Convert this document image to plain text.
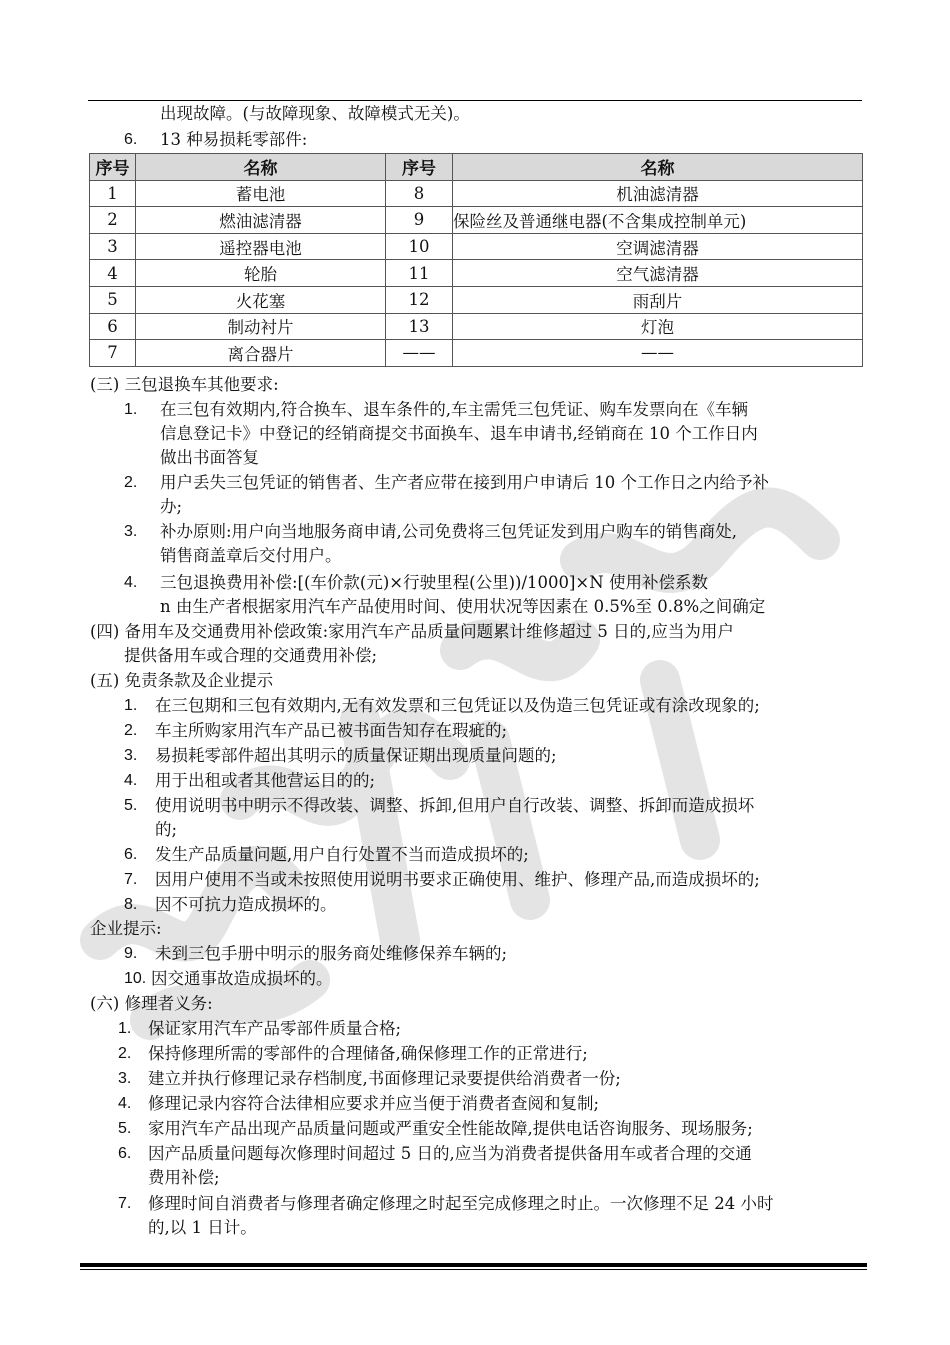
出现故障。(与故障现象、故障模式无关)。
6. 13 种易损耗零部件:
序号	名称	序号	名称
1	蓄电池	8	机油滤清器
2	燃油滤清器	9	保险丝及普通继电器(不含集成控制单元)
3	遥控器电池	10	空调滤清器
4	轮胎	11	空气滤清器
5	火花塞	12	雨刮片
6	制动衬片	13	灯泡
7	离合器片	——	——
(三) 三包退换车其他要求:
1. 在三包有效期内,符合换车、退车条件的,车主需凭三包凭证、购车发票向在《车辆
信息登记卡》中登记的经销商提交书面换车、退车申请书,经销商在 10 个工作日内
做出书面答复
2. 用户丢失三包凭证的销售者、生产者应带在接到用户申请后 10 个工作日之内给予补
办;
3. 补办原则:用户向当地服务商申请,公司免费将三包凭证发到用户购车的销售商处,
销售商盖章后交付用户。
4. 三包退换费用补偿:[(车价款(元)×行驶里程(公里))/1000]×N 使用补偿系数
n 由生产者根据家用汽车产品使用时间、使用状况等因素在 0.5%至 0.8%之间确定
(四) 备用车及交通费用补偿政策:家用汽车产品质量问题累计维修超过 5 日的,应当为用户
提供备用车或合理的交通费用补偿;
(五) 免责条款及企业提示
1. 在三包期和三包有效期内,无有效发票和三包凭证以及伪造三包凭证或有涂改现象的;
2. 车主所购家用汽车产品已被书面告知存在瑕疵的;
3. 易损耗零部件超出其明示的质量保证期出现质量问题的;
4. 用于出租或者其他营运目的的;
5. 使用说明书中明示不得改装、调整、拆卸,但用户自行改装、调整、拆卸而造成损坏
的;
6. 发生产品质量问题,用户自行处置不当而造成损坏的;
7. 因用户使用不当或未按照使用说明书要求正确使用、维护、修理产品,而造成损坏的;
8. 因不可抗力造成损坏的。
企业提示:
9. 未到三包手册中明示的服务商处维修保养车辆的;
10. 因交通事故造成损坏的。
(六) 修理者义务:
1. 保证家用汽车产品零部件质量合格;
2. 保持修理所需的零部件的合理储备,确保修理工作的正常进行;
3. 建立并执行修理记录存档制度,书面修理记录要提供给消费者一份;
4. 修理记录内容符合法律相应要求并应当便于消费者查阅和复制;
5. 家用汽车产品出现产品质量问题或严重安全性能故障,提供电话咨询服务、现场服务;
6. 因产品质量问题每次修理时间超过 5 日的,应当为消费者提供备用车或者合理的交通
费用补偿;
7. 修理时间自消费者与修理者确定修理之时起至完成修理之时止。一次修理不足 24 小时
的,以 1 日计。
